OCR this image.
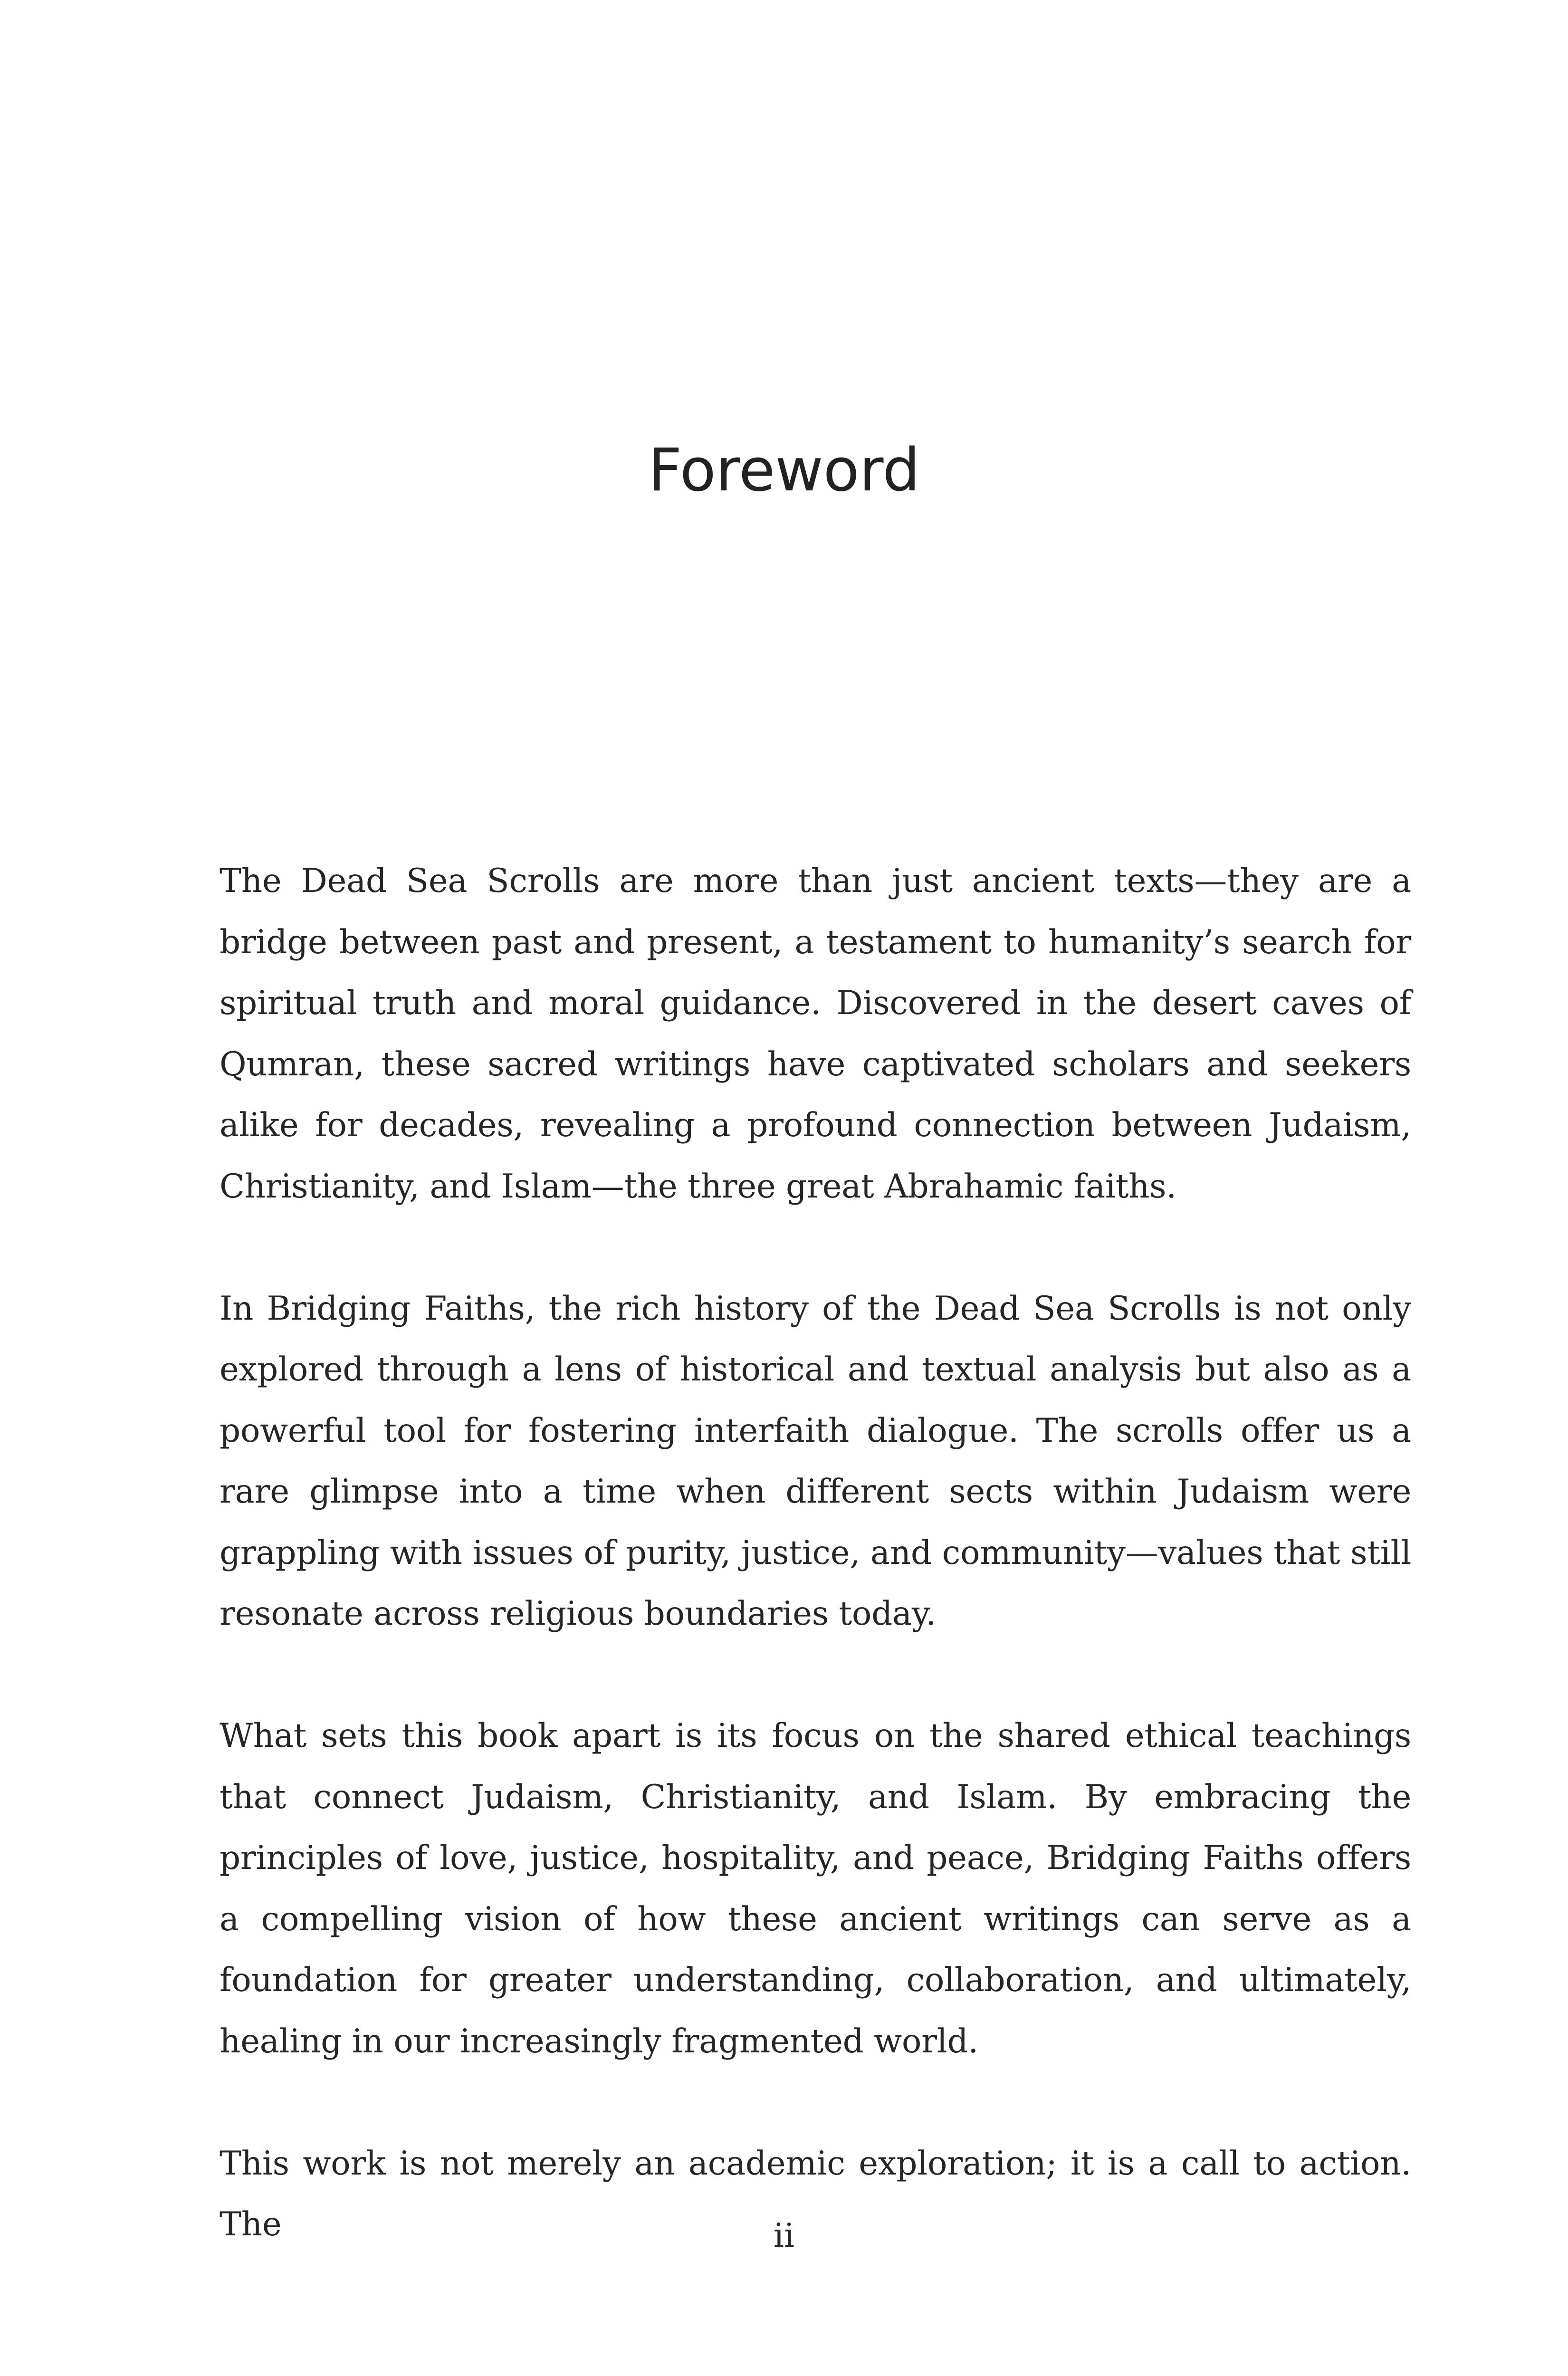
Foreword

The Dead Sea Scrolls are more than just ancient texts—they are a bridge between past and present, a testament to humanity’s search for spiritual truth and moral guidance. Discovered in the desert caves of Qumran, these sacred writings have captivated scholars and seekers alike for decades, revealing a profound connection between Judaism, Christianity, and Islam—the three great Abrahamic faiths.

In Bridging Faiths, the rich history of the Dead Sea Scrolls is not only explored through a lens of historical and textual analysis but also as a powerful tool for fostering interfaith dialogue. The scrolls offer us a rare glimpse into a time when different sects within Judaism were grappling with issues of purity, justice, and community—values that still resonate across religious boundaries today.

What sets this book apart is its focus on the shared ethical teachings that connect Judaism, Christianity, and Islam. By embracing the principles of love, justice, hospitality, and peace, Bridging Faiths offers a compelling vision of how these ancient writings can serve as a foundation for greater understanding, collaboration, and ultimately, healing in our increasingly fragmented world.

This work is not merely an academic exploration; it is a call to action. The	ii
